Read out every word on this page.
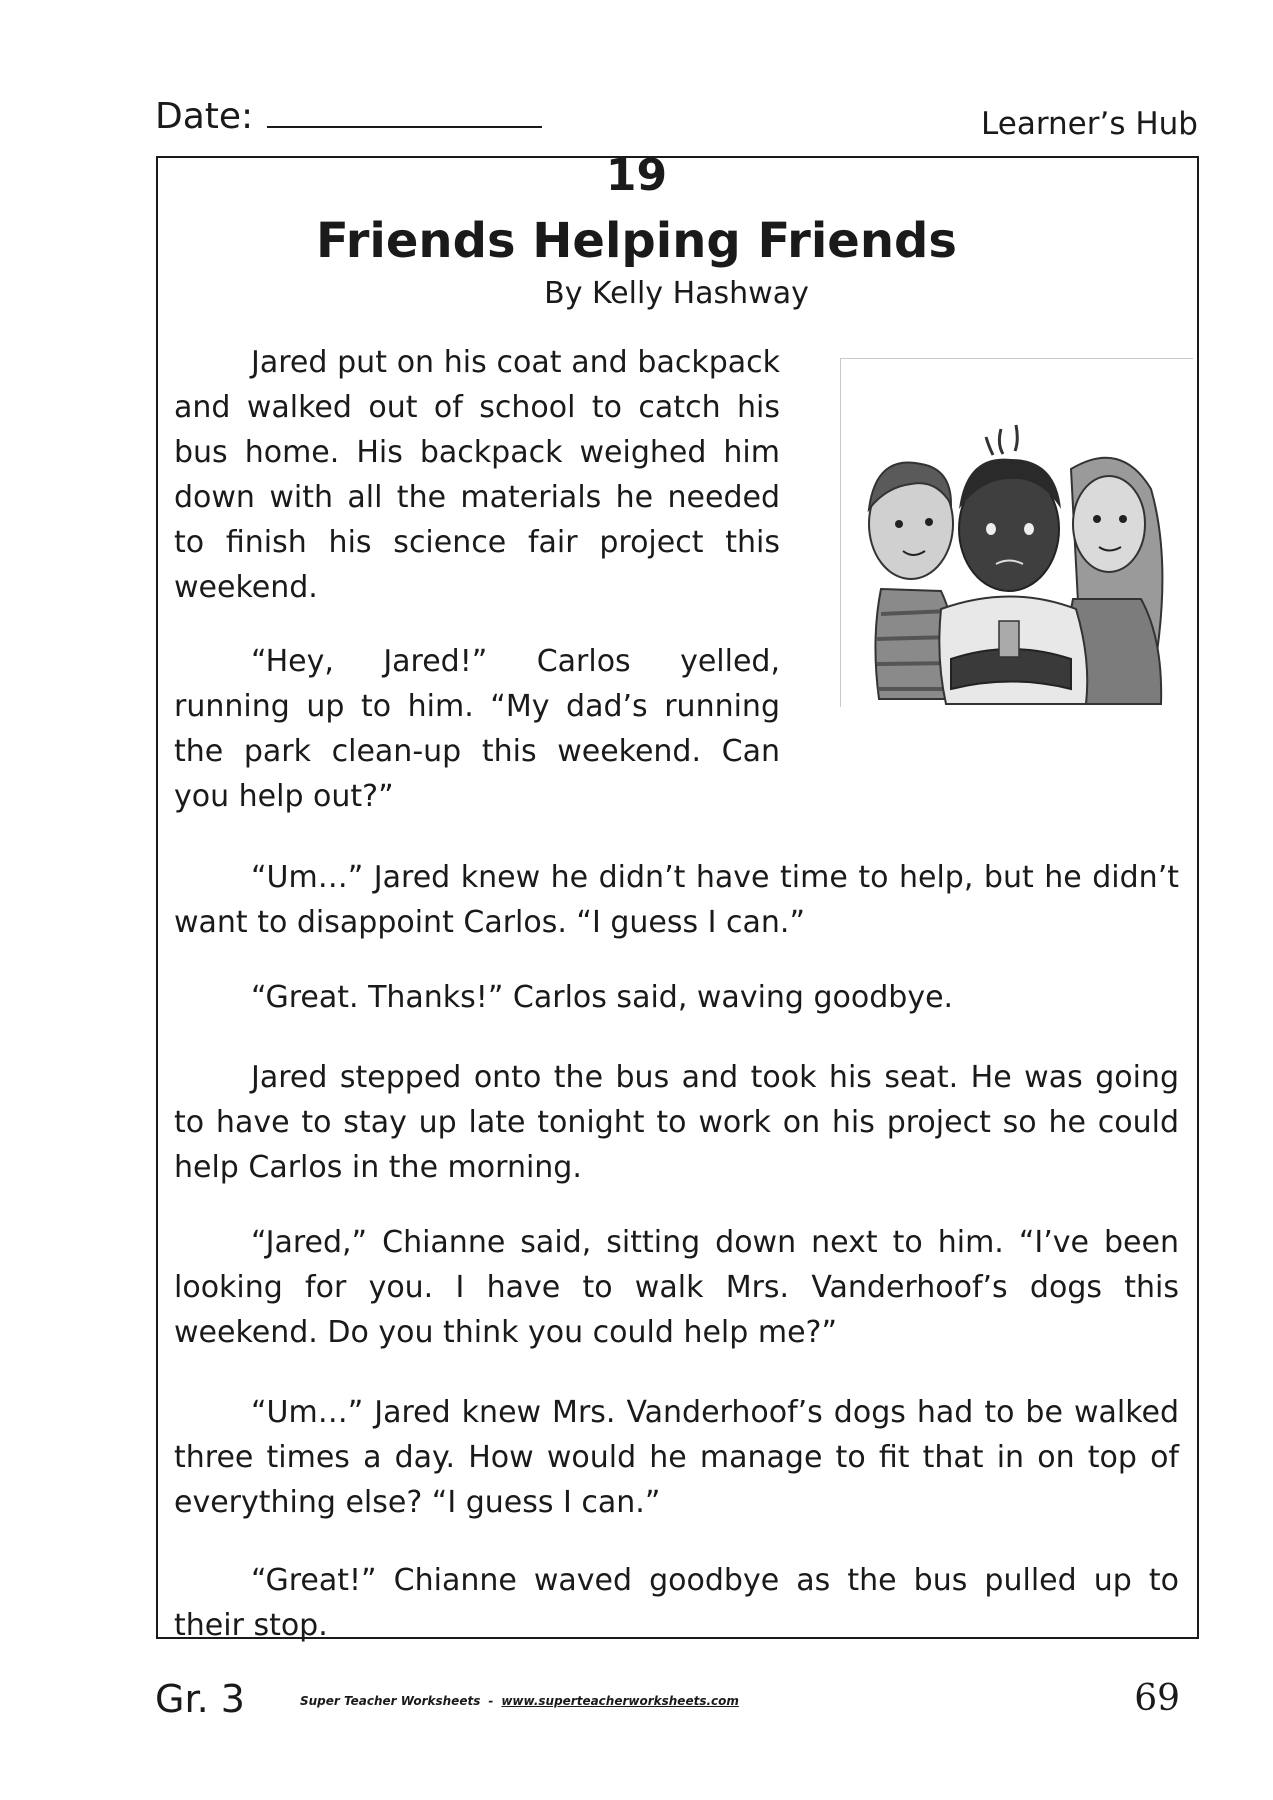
Date:	Learner’s Hub
19
Friends Helping Friends
By Kelly Hashway

Jared put on his coat and backpack and walked out of school to catch his bus home. His backpack weighed him down with all the materials he needed to finish his science fair project this weekend.

“Hey, Jared!” Carlos yelled, running up to him. “My dad’s running the park clean-up this weekend. Can you help out?”

“Um…” Jared knew he didn’t have time to help, but he didn’t want to disappoint Carlos. “I guess I can.”

“Great. Thanks!” Carlos said, waving goodbye.

Jared stepped onto the bus and took his seat. He was going to have to stay up late tonight to work on his project so he could help Carlos in the morning.

“Jared,” Chianne said, sitting down next to him. “I’ve been looking for you. I have to walk Mrs. Vanderhoof’s dogs this weekend. Do you think you could help me?”

“Um…” Jared knew Mrs. Vanderhoof’s dogs had to be walked three times a day. How would he manage to fit that in on top of everything else? “I guess I can.”

“Great!” Chianne waved goodbye as the bus pulled up to their stop.

Gr. 3	Super Teacher Worksheets - www.superteacherworksheets.com	69
